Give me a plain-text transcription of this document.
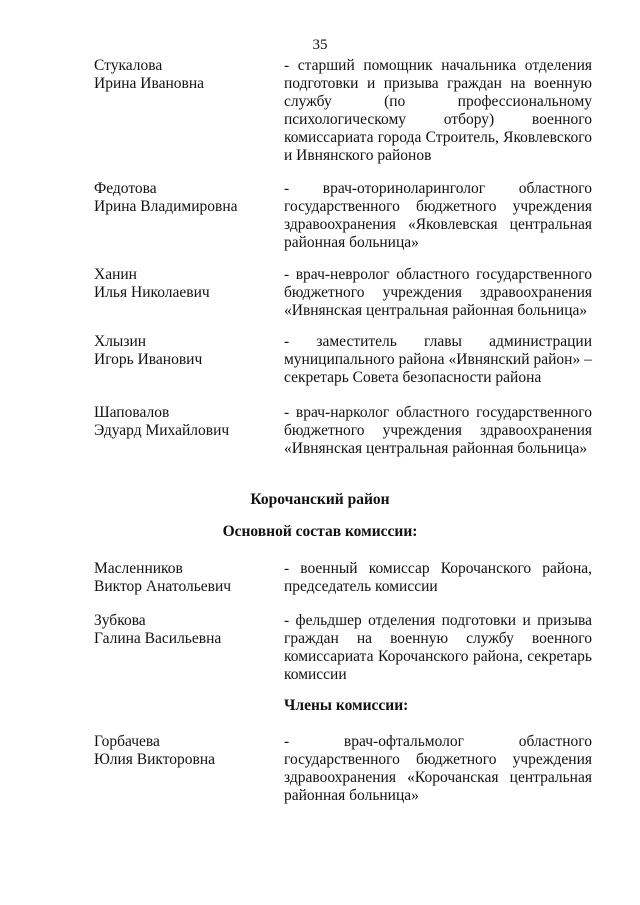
35
Стукалова
Ирина Ивановна
- старший помощник начальника отделения подготовки и призыва граждан на военную службу (по профессиональному психологическому отбору) военного комиссариата города Строитель, Яковлевского и Ивнянского районов
Федотова
Ирина Владимировна
- врач-оториноларинголог областного государственного бюджетного учреждения здравоохранения «Яковлевская центральная районная больница»
Ханин
Илья Николаевич
- врач-невролог областного государственного бюджетного учреждения здравоохранения «Ивнянская центральная районная больница»
Хлызин
Игорь Иванович
- заместитель главы администрации муниципального района «Ивнянский район» – секретарь Совета безопасности района
Шаповалов
Эдуард Михайлович
- врач-нарколог областного государственного бюджетного учреждения здравоохранения «Ивнянская центральная районная больница»
Корочанский район
Основной состав комиссии:
Масленников
Виктор Анатольевич
- военный комиссар Корочанского района, председатель комиссии
Зубкова
Галина Васильевна
- фельдшер отделения подготовки и призыва граждан на военную службу военного комиссариата Корочанского района, секретарь комиссии
Члены комиссии:
Горбачева
Юлия Викторовна
- врач-офтальмолог областного государственного бюджетного учреждения здравоохранения «Корочанская центральная районная больница»
